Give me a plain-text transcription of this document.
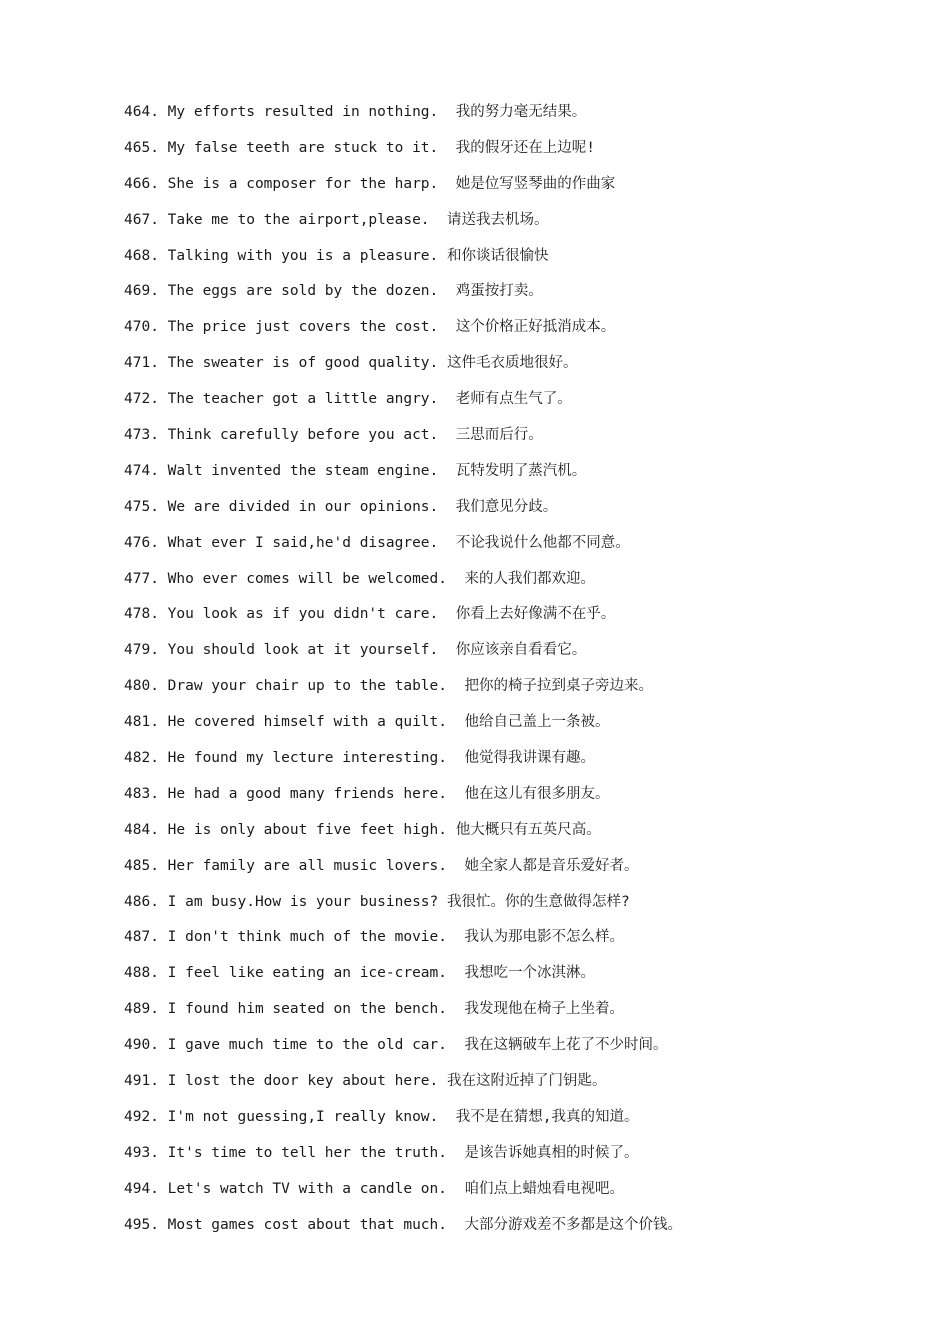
464. My efforts resulted in nothing.  我的努力毫无结果。
465. My false teeth are stuck to it.  我的假牙还在上边呢!
466. She is a composer for the harp.  她是位写竖琴曲的作曲家
467. Take me to the airport,please.  请送我去机场。
468. Talking with you is a pleasure. 和你谈话很愉快
469. The eggs are sold by the dozen.  鸡蛋按打卖。
470. The price just covers the cost.  这个价格正好抵消成本。
471. The sweater is of good quality. 这件毛衣质地很好。
472. The teacher got a little angry.  老师有点生气了。
473. Think carefully before you act.  三思而后行。
474. Walt invented the steam engine.  瓦特发明了蒸汽机。
475. We are divided in our opinions.  我们意见分歧。
476. What ever I said,he'd disagree.  不论我说什么他都不同意。
477. Who ever comes will be welcomed.  来的人我们都欢迎。
478. You look as if you didn't care.  你看上去好像满不在乎。
479. You should look at it yourself.  你应该亲自看看它。
480. Draw your chair up to the table.  把你的椅子拉到桌子旁边来。
481. He covered himself with a quilt.  他给自己盖上一条被。
482. He found my lecture interesting.  他觉得我讲课有趣。
483. He had a good many friends here.  他在这儿有很多朋友。
484. He is only about five feet high. 他大概只有五英尺高。
485. Her family are all music lovers.  她全家人都是音乐爱好者。
486. I am busy.How is your business? 我很忙。你的生意做得怎样?
487. I don't think much of the movie.  我认为那电影不怎么样。
488. I feel like eating an ice-cream.  我想吃一个冰淇淋。
489. I found him seated on the bench.  我发现他在椅子上坐着。
490. I gave much time to the old car.  我在这辆破车上花了不少时间。
491. I lost the door key about here. 我在这附近掉了门钥匙。
492. I'm not guessing,I really know.  我不是在猜想,我真的知道。
493. It's time to tell her the truth.  是该告诉她真相的时候了。
494. Let's watch TV with a candle on.  咱们点上蜡烛看电视吧。
495. Most games cost about that much.  大部分游戏差不多都是这个价钱。
